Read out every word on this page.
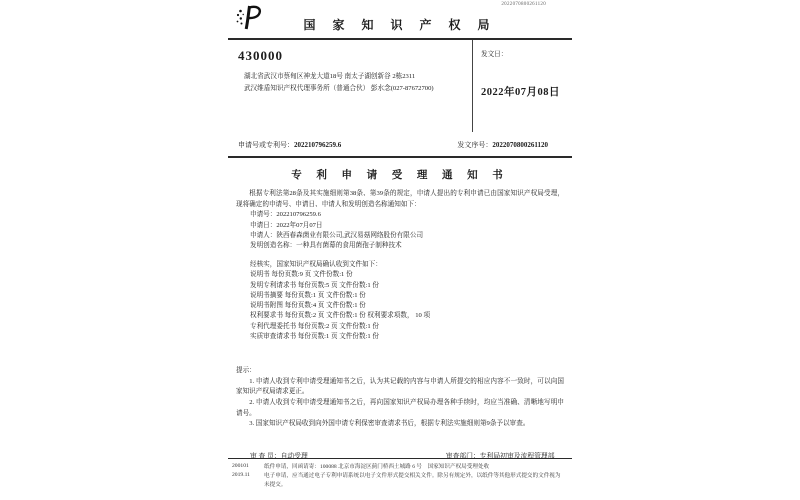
国 家 知 识 产 权 局
2022070800261120
430000
湖北省武汉市蔡甸区神龙大道18号 南太子湖创新谷 2栋2311
武汉维盾知识产权代理事务所（普通合伙） 彭水念(027-87672700)
发文日：
2022年07月08日
申请号或专利号：202210796259.6	发文序号：2022070800261120
专 利 申 请 受 理 通 知 书

根据专利法第28条及其实施细则第38条、第39条的规定，申请人提出的专利申请已由国家知识产权局受理，现将确定的申请号、申请日、申请人和发明创造名称通知如下：

申请号：202210796259.6
申请日：2022年07月07日
申请人：陕西春森菌业有限公司,武汉易菇网络股份有限公司
发明创造名称：一种具有菌幕的食用菌孢子制种技术
经核实，国家知识产权局确认收到文件如下：
说明书 每份页数:9 页 文件份数:1 份
发明专利请求书 每份页数:5 页 文件份数:1 份
说明书摘要 每份页数:1 页 文件份数:1 份
说明书附图 每份页数:4 页 文件份数:1 份
权利要求书 每份页数:2 页 文件份数:1 份 权利要求项数， 10 项
专利代理委托书 每份页数:2 页 文件份数:1 份
实质审查请求书 每份页数:1 页 文件份数:1 份
提示：

1. 申请人收到专利申请受理通知书之后，认为其记载的内容与申请人所提交的相应内容不一致时，可以向国家知识产权局请求更正。

2. 申请人收到专利申请受理通知书之后，再向国家知识产权局办理各种手续时，均应当准确、清晰地写明申请号。

3. 国家知识产权局收到向外国申请专利保密审查请求书后，根据专利法实施细则第9条予以审查。

审 查 员：自动受理	审查部门：专利局初审及流程管理部
200101	纸件申请，回函请寄：100088 北京市海淀区蓟门桥西土城路 6 号　国家知识产权局受理处收
2019.11	电子申请，应当通过电子专利申请系统以电子文件形式提交相关文件。除另有规定外，以纸件等其他形式提交的文件视为未提交。
